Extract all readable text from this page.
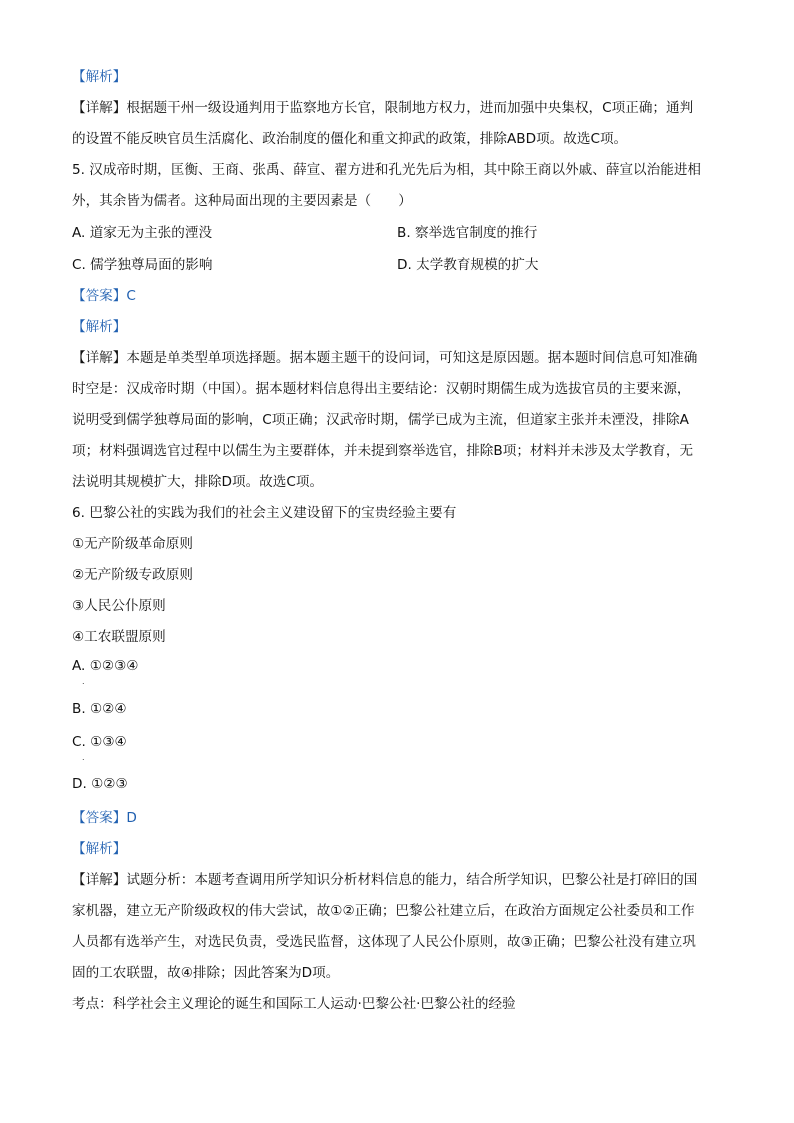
【解析】
【详解】根据题干州一级设通判用于监察地方长官，限制地方权力，进而加强中央集权，C项正确；通判
的设置不能反映官员生活腐化、政治制度的僵化和重文抑武的政策，排除ABD项。故选C项。
5. 汉成帝时期，匡衡、王商、张禹、薛宣、翟方进和孔光先后为相，其中除王商以外戚、薛宣以治能进相
外，其余皆为儒者。这种局面出现的主要因素是（　　）
A. 道家无为主张的湮没	B. 察举选官制度的推行
C. 儒学独尊局面的影响	D. 太学教育规模的扩大
【答案】C
【解析】
【详解】本题是单类型单项选择题。据本题主题干的设问词，可知这是原因题。据本题时间信息可知准确
时空是：汉成帝时期（中国）。据本题材料信息得出主要结论：汉朝时期儒生成为选拔官员的主要来源，
说明受到儒学独尊局面的影响，C项正确；汉武帝时期，儒学已成为主流，但道家主张并未湮没，排除A
项；材料强调选官过程中以儒生为主要群体，并未提到察举选官，排除B项；材料并未涉及太学教育，无
法说明其规模扩大，排除D项。故选C项。
6. 巴黎公社的实践为我们的社会主义建设留下的宝贵经验主要有
①无产阶级革命原则
②无产阶级专政原则
③人民公仆原则
④工农联盟原则
A. ①②③④
.
B. ①②④
C. ①③④
.
D. ①②③
【答案】D
【解析】
【详解】试题分析：本题考查调用所学知识分析材料信息的能力，结合所学知识，巴黎公社是打碎旧的国
家机器，建立无产阶级政权的伟大尝试，故①②正确；巴黎公社建立后，在政治方面规定公社委员和工作
人员都有选举产生，对选民负责，受选民监督，这体现了人民公仆原则，故③正确；巴黎公社没有建立巩
固的工农联盟，故④排除；因此答案为D项。
考点：科学社会主义理论的诞生和国际工人运动·巴黎公社·巴黎公社的经验
